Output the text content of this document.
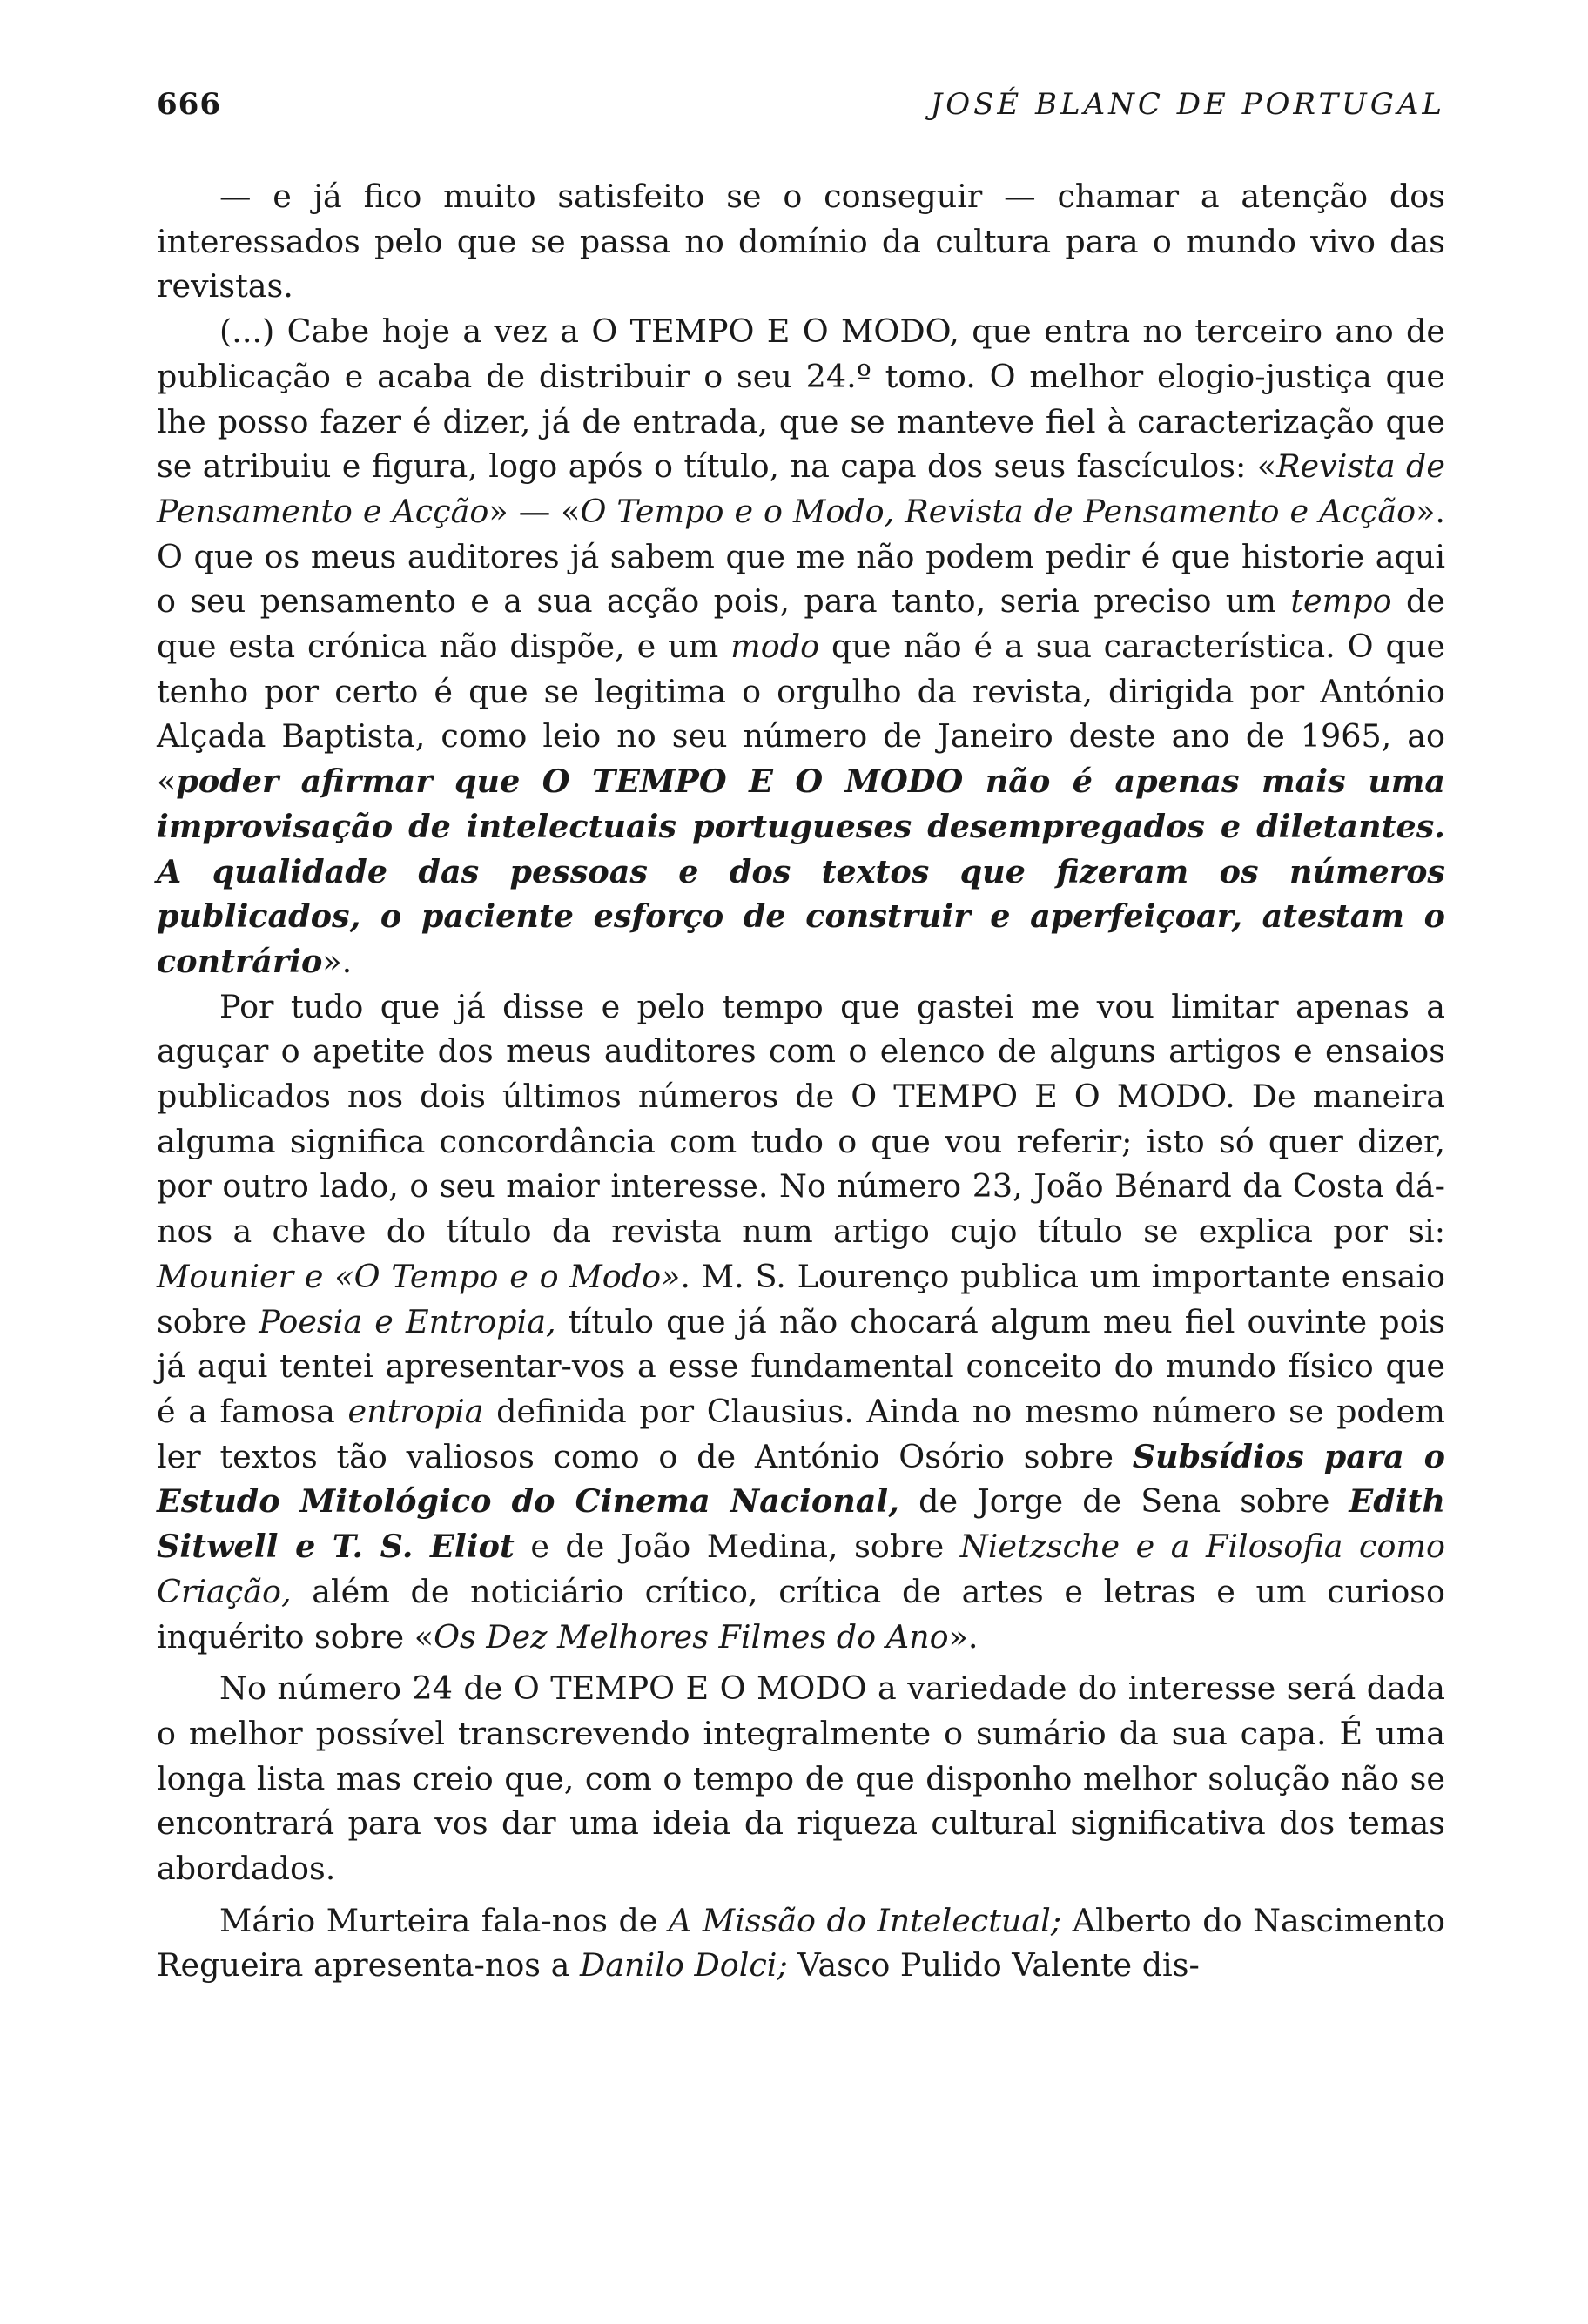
666	JOSÉ BLANC DE PORTUGAL

— e já fico muito satisfeito se o conseguir — chamar a atenção dos interessados pelo que se passa no domínio da cultura para o mundo vivo das revistas.

(...) Cabe hoje a vez a O TEMPO E O MODO, que entra no terceiro ano de publicação e acaba de distribuir o seu 24.º tomo. O melhor elogio-justiça que lhe posso fazer é dizer, já de entrada, que se manteve fiel à caracterização que se atribuiu e figura, logo após o título, na capa dos seus fascículos: «Revista de Pensamento e Acção» — «O Tempo e o Modo, Revista de Pensamento e Acção». O que os meus auditores já sabem que me não podem pedir é que historie aqui o seu pensamento e a sua acção pois, para tanto, seria preciso um tempo de que esta crónica não dispõe, e um modo que não é a sua característica. O que tenho por certo é que se legitima o orgulho da revista, dirigida por António Alçada Baptista, como leio no seu número de Janeiro deste ano de 1965, ao «poder afirmar que O TEMPO E O MODO não é apenas mais uma improvisação de intelectuais portugueses desempregados e diletantes. A qualidade das pessoas e dos textos que fizeram os números publicados, o paciente esforço de construir e aperfeiçoar, atestam o contrário».

Por tudo que já disse e pelo tempo que gastei me vou limitar apenas a aguçar o apetite dos meus auditores com o elenco de alguns artigos e ensaios publicados nos dois últimos números de O TEMPO E O MODO. De maneira alguma significa concordância com tudo o que vou referir; isto só quer dizer, por outro lado, o seu maior interesse. No número 23, João Bénard da Costa dá-nos a chave do título da revista num artigo cujo título se explica por si: Mounier e «O Tempo e o Modo». M. S. Lourenço publica um importante ensaio sobre Poesia e Entropia, título que já não chocará algum meu fiel ouvinte pois já aqui tentei apresentar-vos a esse fundamental conceito do mundo físico que é a famosa entropia definida por Clausius. Ainda no mesmo número se podem ler textos tão valiosos como o de António Osório sobre Subsídios para o Estudo Mitológico do Cinema Nacional, de Jorge de Sena sobre Edith Sitwell e T. S. Eliot e de João Medina, sobre Nietzsche e a Filosofia como Criação, além de noticiário crítico, crítica de artes e letras e um curioso inquérito sobre «Os Dez Melhores Filmes do Ano».

No número 24 de O TEMPO E O MODO a variedade do interesse será dada o melhor possível transcrevendo integralmente o sumário da sua capa. É uma longa lista mas creio que, com o tempo de que disponho melhor solução não se encontrará para vos dar uma ideia da riqueza cultural significativa dos temas abordados.

Mário Murteira fala-nos de A Missão do Intelectual; Alberto do Nascimento Regueira apresenta-nos a Danilo Dolci; Vasco Pulido Valente dis-
